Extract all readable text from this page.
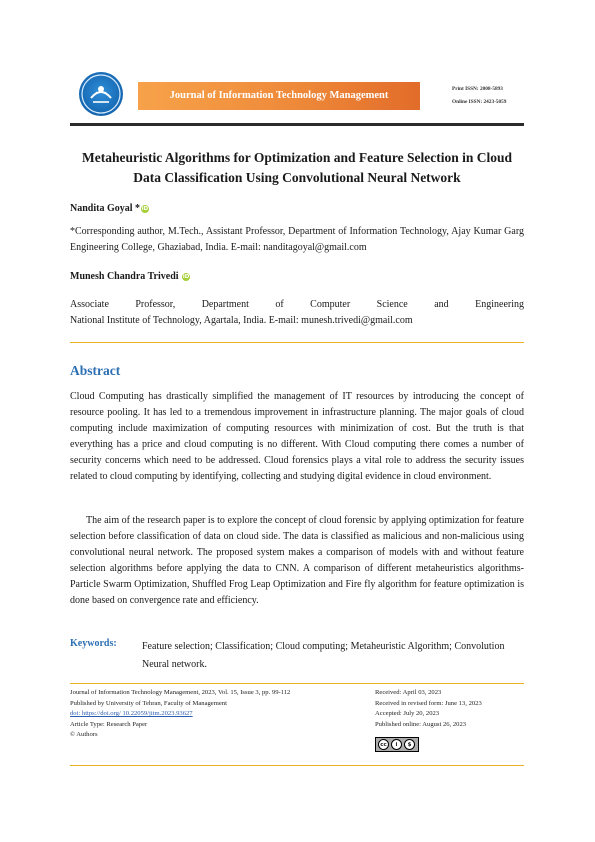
Journal of Information Technology Management
Print ISSN: 2008-5893
Online ISSN: 2423-5059
Metaheuristic Algorithms for Optimization and Feature Selection in Cloud
Data Classification Using Convolutional Neural Network
Nandita Goyal * iD

*Corresponding author, M.Tech., Assistant Professor, Department of Information Technology, Ajay Kumar Garg Engineering College, Ghaziabad, India. E-mail: nanditagoyal@gmail.com

Munesh Chandra Trivedi iD
Associate Professor, Department of Computer Science and Engineering
National Institute of Technology, Agartala, India. E-mail: munesh.trivedi@gmail.com
Abstract

Cloud Computing has drastically simplified the management of IT resources by introducing the concept of resource pooling. It has led to a tremendous improvement in infrastructure planning. The major goals of cloud computing include maximization of computing resources with minimization of cost. But the truth is that everything has a price and cloud computing is no different. With Cloud computing there comes a number of security concerns which need to be addressed. Cloud forensics plays a vital role to address the security issues related to cloud computing by identifying, collecting and studying digital evidence in cloud environment.

The aim of the research paper is to explore the concept of cloud forensic by applying optimization for feature selection before classification of data on cloud side. The data is classified as malicious and non-malicious using convolutional neural network. The proposed system makes a comparison of models with and without feature selection algorithms before applying the data to CNN. A comparison of different metaheuristics algorithms- Particle Swarm Optimization, Shuffled Frog Leap Optimization and Fire fly algorithm for feature optimization is done based on convergence rate and efficiency.

Keywords:	Feature selection; Classification; Cloud computing; Metaheuristic Algorithm; Convolution Neural network.
Journal of Information Technology Management, 2023, Vol. 15, Issue 3, pp. 99-112
Published by University of Tehran, Faculty of Management
doi: https://doi.org/ 10.22059/jitm.2023.93627
Article Type: Research Paper
© Authors
Received: April 03, 2023
Received in revised form: June 13, 2023
Accepted: July 20, 2023
Published online: August 26, 2023
cc	i	$
